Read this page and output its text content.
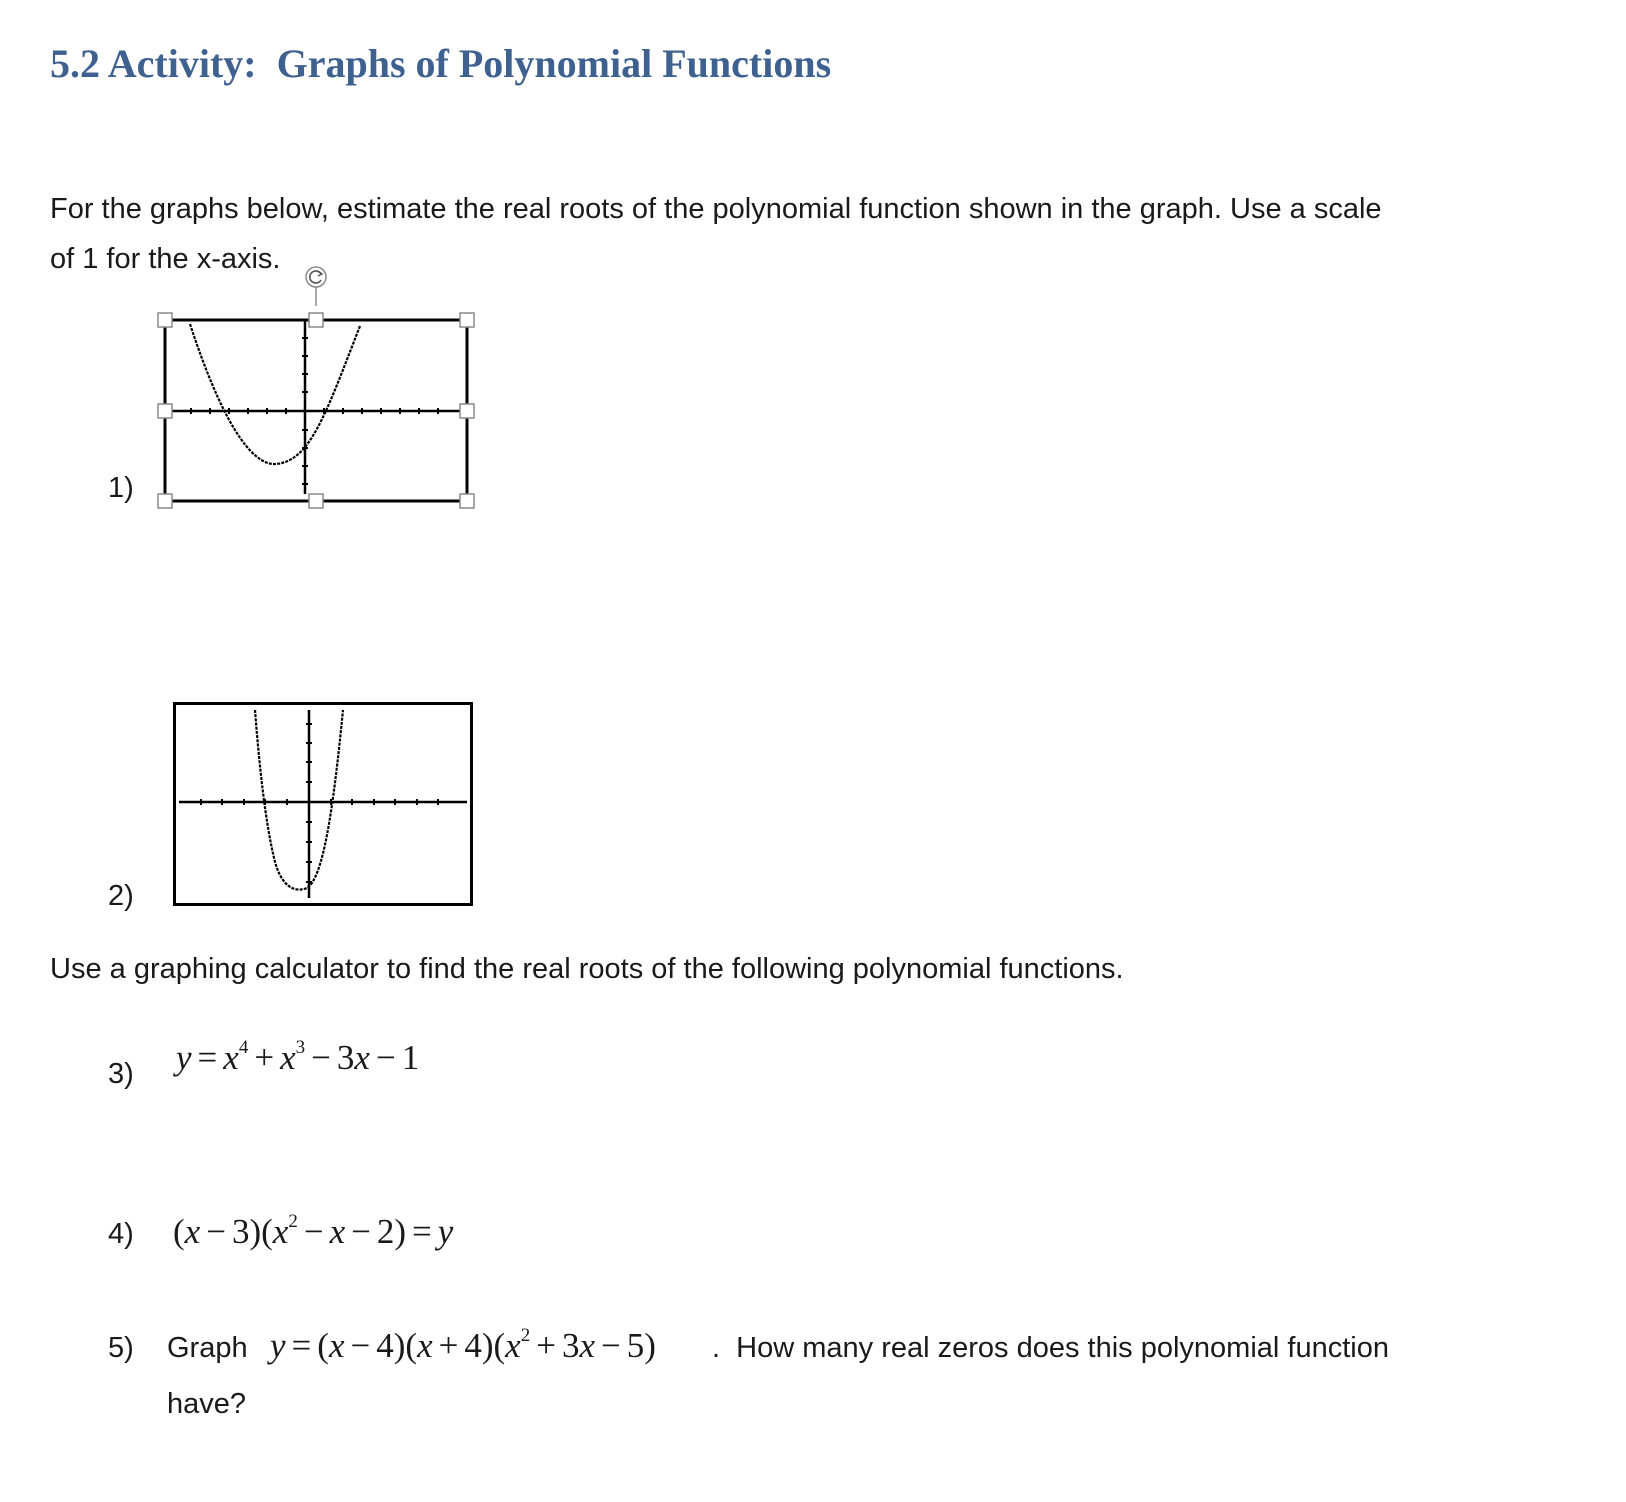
5.2 Activity:  Graphs of Polynomial Functions
For the graphs below, estimate the real roots of the polynomial function shown in the graph. Use a scale
of 1 for the x-axis.
1)
2)
Use a graphing calculator to find the real roots of the following polynomial functions.
3) $y = x^4 + x^3 - 3x - 1$
4) $(x - 3)(x^2 - x - 2) = y$
5) Graph $y = (x - 4)(x + 4)(x^2 + 3x - 5)$ .  How many real zeros does this polynomial function
have?
